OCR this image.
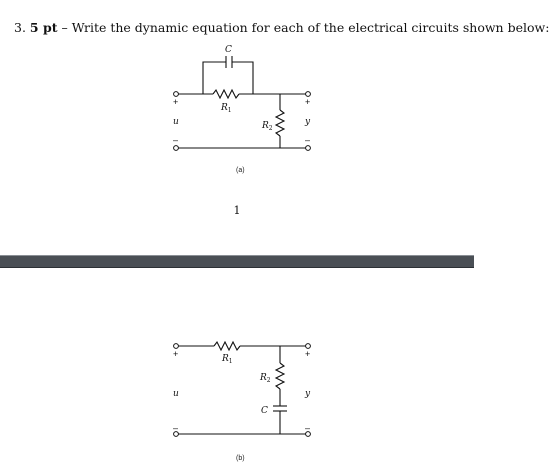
3. 5 pt – Write the dynamic equation for each of the electrical circuits shown below:
C
$R_1$
$R_2$
+
u
–
+
y
–
(a)
1
$R_1$
$R_2$
C
+
u
–
+
y
–
(b)
